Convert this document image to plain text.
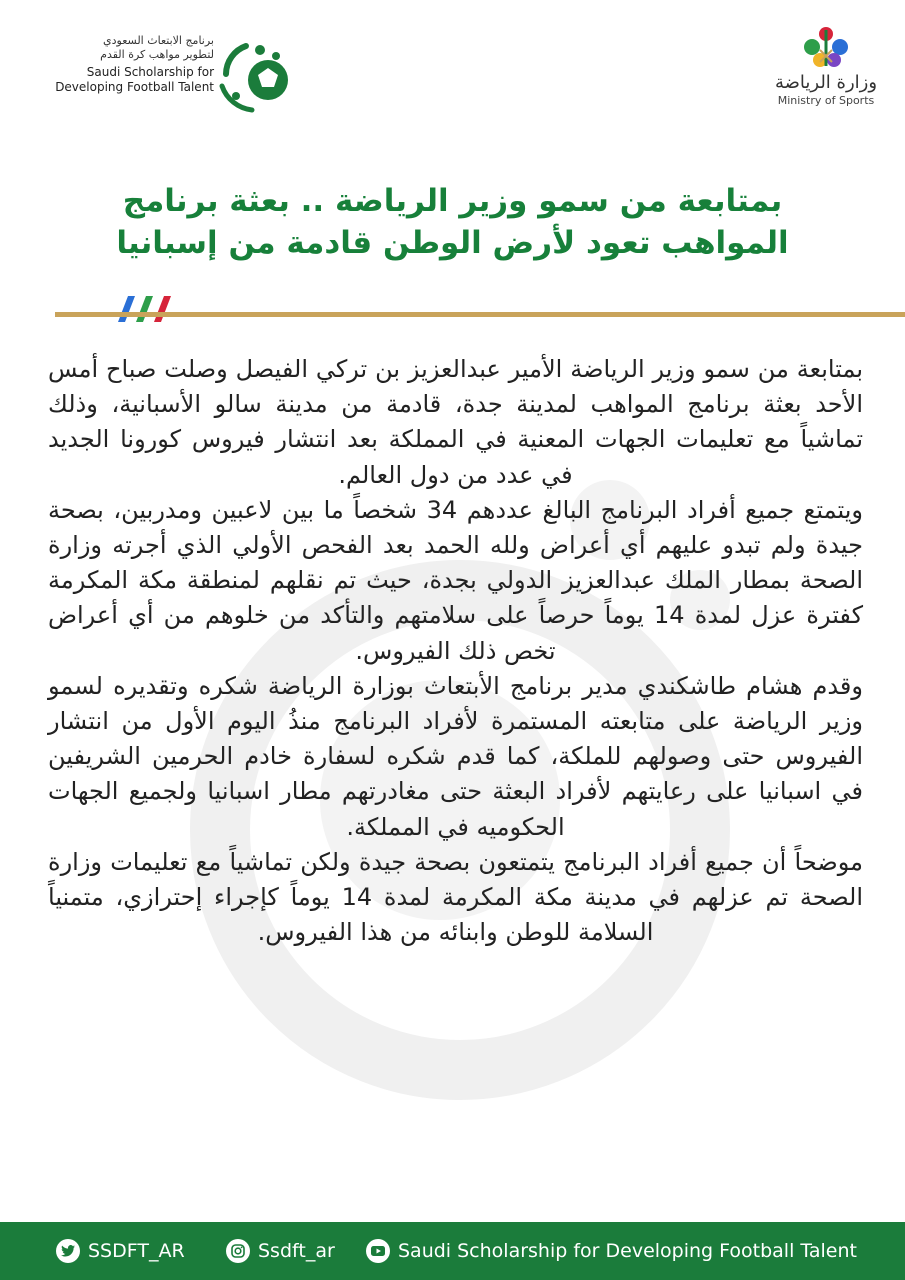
برنامج الابتعاث السعودي
لتطوير مواهب كرة القدم
Saudi Scholarship for
Developing Football Talent	وزارة الرياضة
Ministry of Sports
بمتابعة من سمو وزير الرياضة .. بعثة برنامج
المواهب تعود لأرض الوطن قادمة من إسبانيا

بمتابعة من سمو وزير الرياضة الأمير عبدالعزيز بن تركي الفيصل وصلت صباح أمس الأحد بعثة برنامج المواهب لمدينة جدة، قادمة من مدينة سالو الأسبانية، وذلك تماشياً مع تعليمات الجهات المعنية في المملكة بعد انتشار فيروس كورونا الجديد في عدد من دول العالم.

ويتمتع جميع أفراد البرنامج البالغ عددهم 34 شخصاً ما بين لاعبين ومدربين، بصحة جيدة ولم تبدو عليهم أي أعراض ولله الحمد بعد الفحص الأولي الذي أجرته وزارة الصحة بمطار الملك عبدالعزيز الدولي بجدة، حيث تم نقلهم لمنطقة مكة المكرمة كفترة عزل لمدة 14 يوماً حرصاً على سلامتهم والتأكد من خلوهم من أي أعراض تخص ذلك الفيروس.

وقدم هشام طاشكندي مدير برنامج الأبتعاث بوزارة الرياضة شكره وتقديره لسمو وزير الرياضة على متابعته المستمرة لأفراد البرنامج منذُ اليوم الأول من انتشار الفيروس حتى وصولهم للملكة، كما قدم شكره لسفارة خادم الحرمين الشريفين في اسبانيا على رعايتهم لأفراد البعثة حتى مغادرتهم مطار اسبانيا ولجميع الجهات الحكوميه في المملكة.

موضحاً أن جميع أفراد البرنامج يتمتعون بصحة جيدة ولكن تماشياً مع تعليمات وزارة الصحة تم عزلهم في مدينة مكة المكرمة لمدة 14 يوماً كإجراء إحترازي، متمنياً السلامة للوطن وابنائه من هذا الفيروس.

SSDFT_AR	Ssdft_ar	Saudi Scholarship for Developing Football Talent
